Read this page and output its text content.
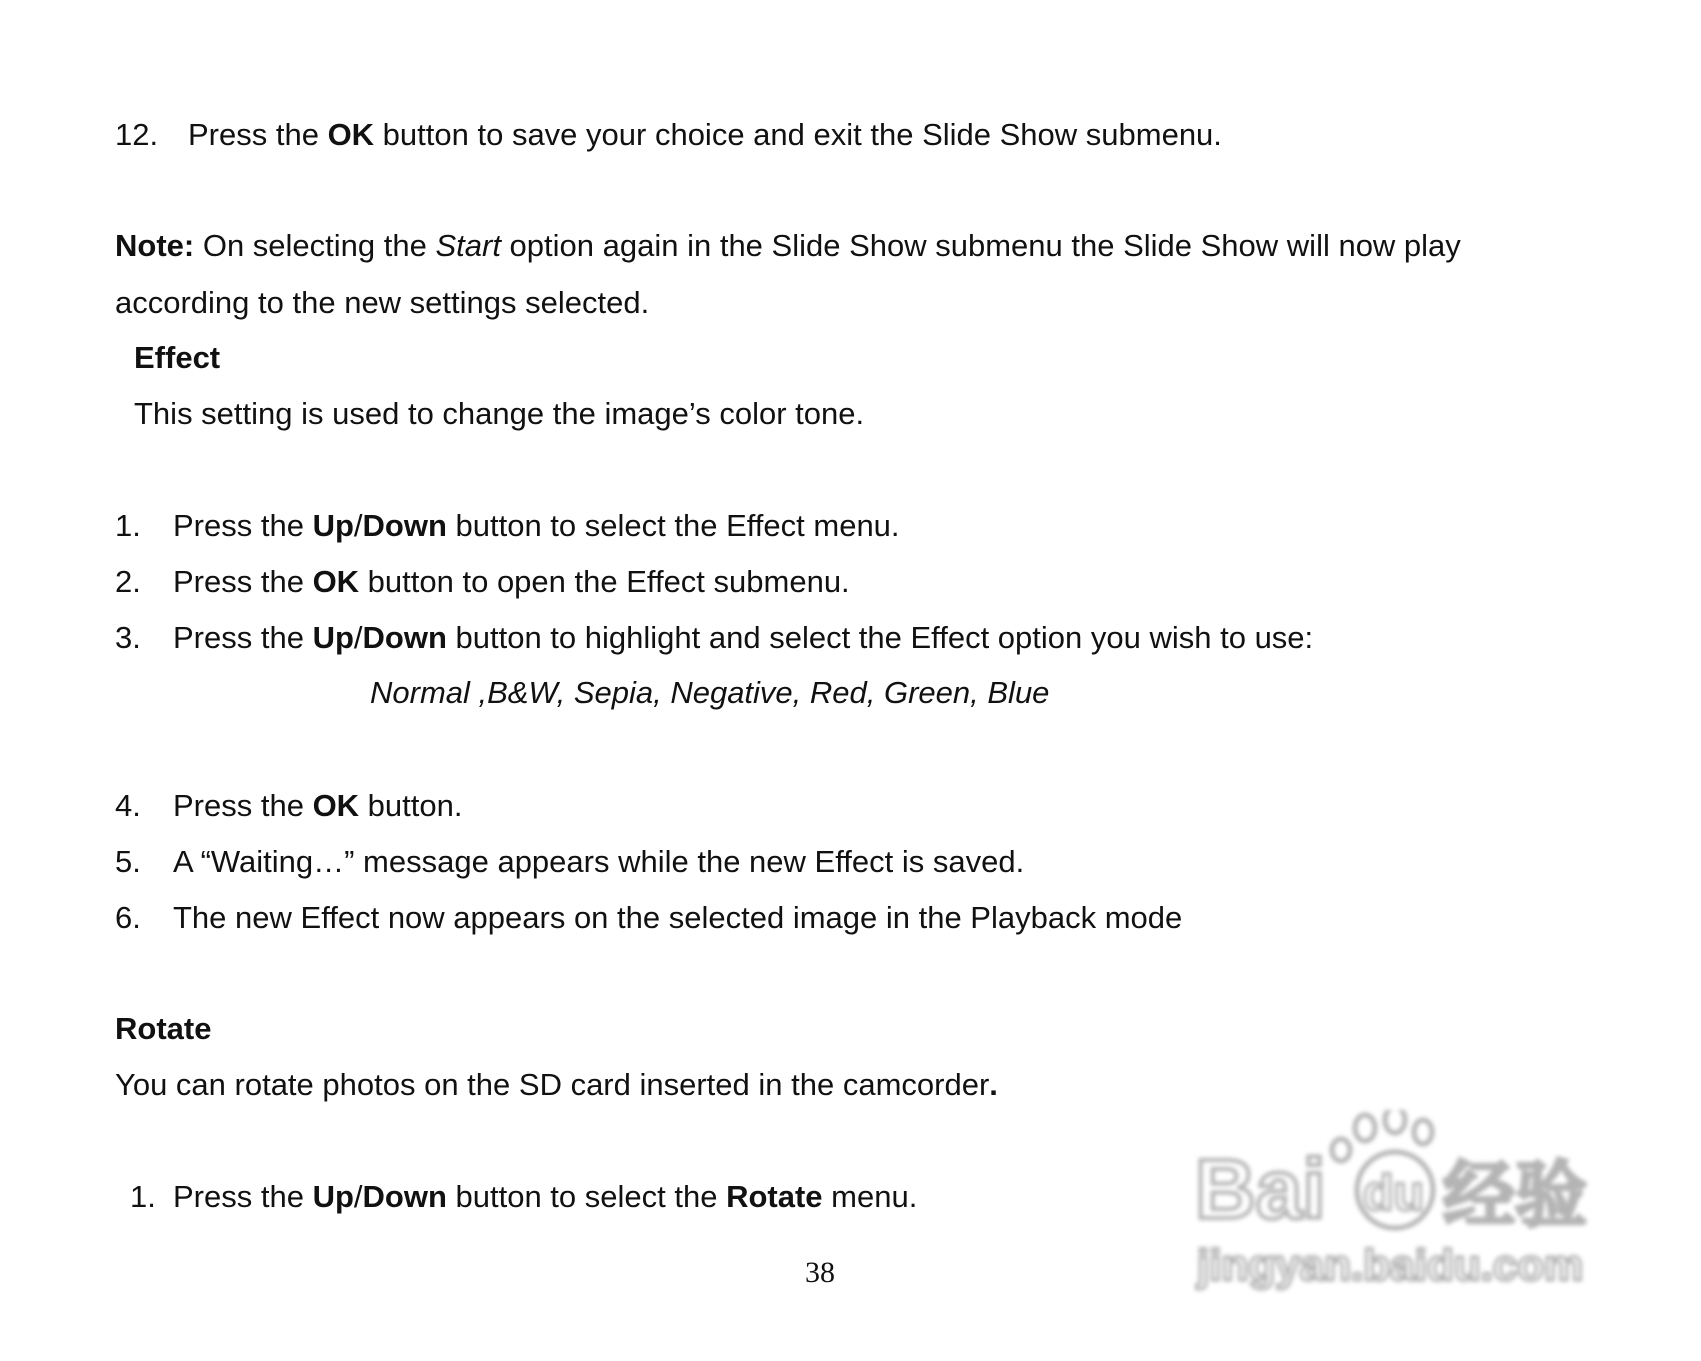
12. Press the OK button to save your choice and exit the Slide Show submenu.
Note: On selecting the Start option again in the Slide Show submenu the Slide Show will now play
according to the new settings selected.
Effect
This setting is used to change the image’s color tone.
1. Press the Up/Down button to select the Effect menu.
2. Press the OK button to open the Effect submenu.
3. Press the Up/Down button to highlight and select the Effect option you wish to use:
Normal ,B&W, Sepia, Negative, Red, Green, Blue
4. Press the OK button.
5. A “Waiting…” message appears while the new Effect is saved.
6. The new Effect now appears on the selected image in the Playback mode
Rotate
You can rotate photos on the SD card inserted in the camcorder.
1. Press the Up/Down button to select the Rotate menu.
38
Bai du 经验
jingyan.baidu.com
